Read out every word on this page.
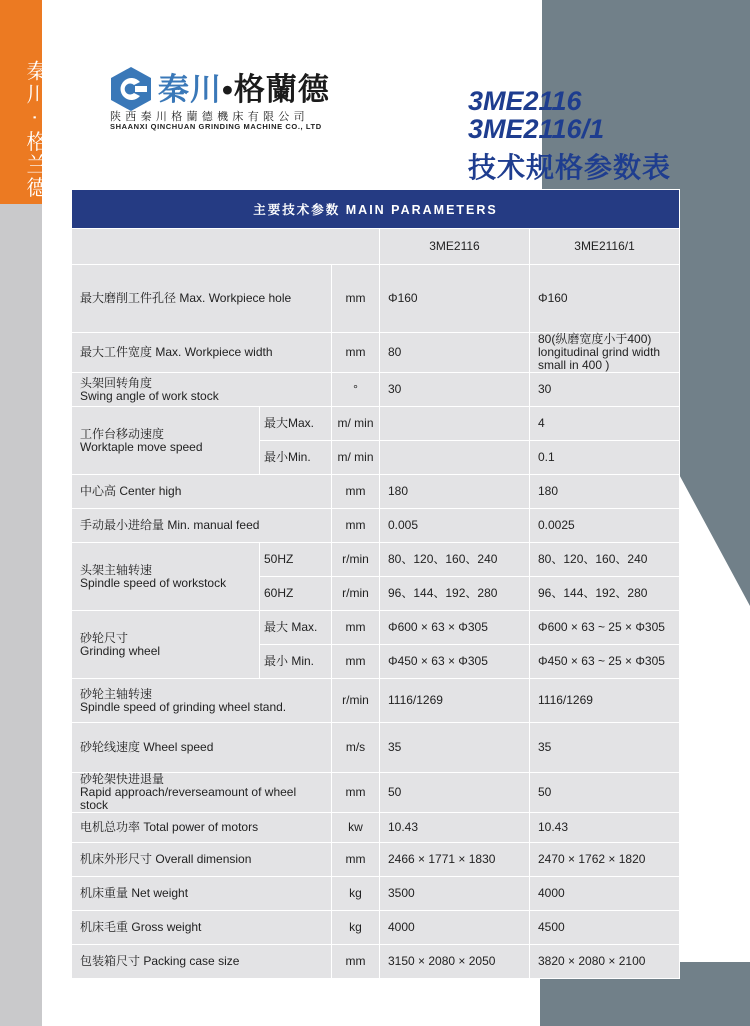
秦川 · 格兰德	秦川•格蘭德
陕西秦川格蘭德機床有限公司
SHAANXI QINCHUAN GRINDING MACHINE CO., LTD
3ME2116
3ME2116/1
技术规格参数表
主要技术参数 MAIN PARAMETERS				
			3ME2116	3ME2116/1
最大磨削工件孔径 Max. Workpiece hole		mm	Φ160	Φ160
最大工件宽度 Max. Workpiece width		mm	80	80(纵磨宽度小于400) longitudinal grind width small in 400 )
头架回转角度
Swing angle of work stock		°	30	30

工作台移动速度
Worktaple move speed	最大Max.	m/ min		4
	最小Min.	m/ min		0.1
中心高 Center high		mm	180	180
手动最小进给量 Min. manual feed		mm	0.005	0.0025

头架主轴转速
Spindle speed of workstock	50HZ	r/min	80、120、160、240	80、120、160、240
	60HZ	r/min	96、144、192、280	96、144、192、280

砂轮尺寸
Grinding wheel	最大 Max.	mm	Φ600 × 63 × Φ305	Φ600 × 63 ~ 25 × Φ305
	最小 Min.	mm	Φ450 × 63 × Φ305	Φ450 × 63 ~ 25 × Φ305
砂轮主轴转速
Spindle speed of grinding wheel stand.		r/min	1116/1269	1116/1269
砂轮线速度 Wheel speed		m/s	35	35
砂轮架快进退量
Rapid approach/reverseamount of wheel stock		mm	50	50
电机总功率 Total power of motors		kw	10.43	10.43
机床外形尺寸 Overall dimension		mm	2466 × 1771 × 1830	2470 × 1762 × 1820
机床重量 Net weight		kg	3500	4000
机床毛重 Gross weight		kg	4000	4500
包装箱尺寸 Packing case size		mm	3150 × 2080 × 2050	3820 × 2080 × 2100
